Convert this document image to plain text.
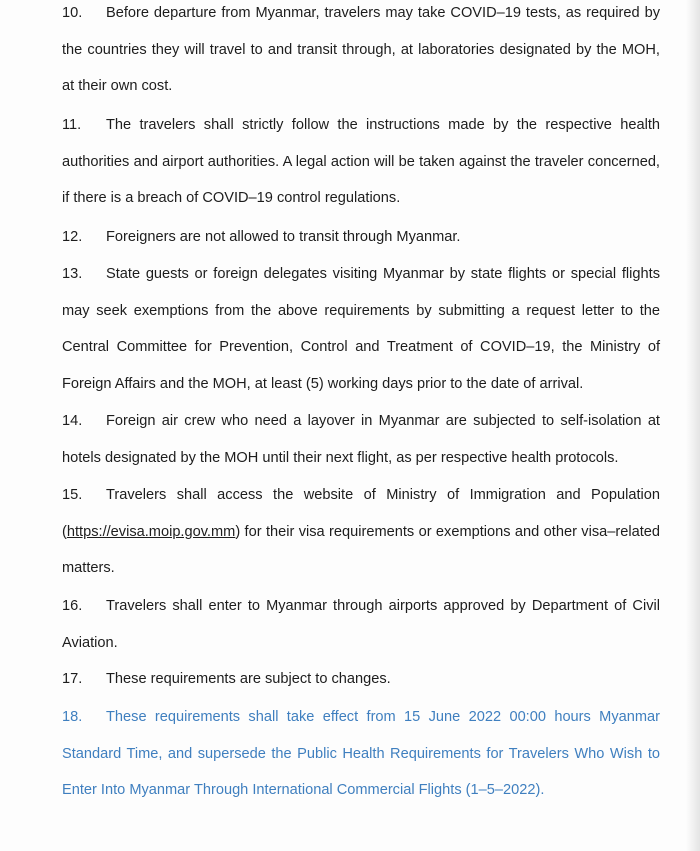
10. Before departure from Myanmar, travelers may take COVID–19 tests, as required by the countries they will travel to and transit through, at laboratories designated by the MOH, at their own cost.

11. The travelers shall strictly follow the instructions made by the respective health authorities and airport authorities. A legal action will be taken against the traveler concerned, if there is a breach of COVID–19 control regulations.

12. Foreigners are not allowed to transit through Myanmar.

13. State guests or foreign delegates visiting Myanmar by state flights or special flights may seek exemptions from the above requirements by submitting a request letter to the Central Committee for Prevention, Control and Treatment of COVID–19, the Ministry of Foreign Affairs and the MOH, at least (5) working days prior to the date of arrival.

14. Foreign air crew who need a layover in Myanmar are subjected to self-isolation at hotels designated by the MOH until their next flight, as per respective health protocols.

15. Travelers shall access the website of Ministry of Immigration and Population (https://evisa.moip.gov.mm) for their visa requirements or exemptions and other visa–related matters.

16. Travelers shall enter to Myanmar through airports approved by Department of Civil Aviation.

17. These requirements are subject to changes.

18. These requirements shall take effect from 15 June 2022 00:00 hours Myanmar Standard Time, and supersede the Public Health Requirements for Travelers Who Wish to Enter Into Myanmar Through International Commercial Flights (1–5–2022).
